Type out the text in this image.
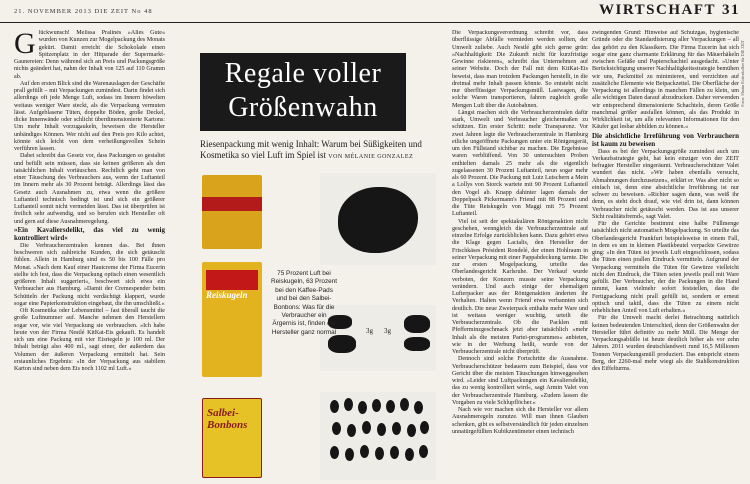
21. NOVEMBER 2013 DIE ZEIT No 48	WIRTSCHAFT 31

Glückwunsch! Melissa Pralinés »Alles Gute« wurden von Kunzen zur Mogelpackung des Monats gekürt. Damit erreicht die Schokolade einen Spitzenplatz in der Hitparade der Supermarkt-Gaunereien: Denn während sich an Preis und Packungsgröße nichts geändert hat, nahm der Inhalt von 125 auf 110 Gramm ab.

Auf den ersten Blick sind die Warenauslagen der Geschäfte prall gefüllt – mit Verpackungen zumindest. Darin findet sich allerdings oft jede Menge Luft, sodass im Innern höwelten weitaus weniger Ware steckt, als die Verpackung vermuten lässt. Aufgeblasene Tüten, doppelte Böden, große Deckel, dicke Innenwände oder schlicht überdimensionierte Kartons: Um mehr Inhalt vorzugaukeln, beweisen die Hersteller unbändiges Können. Wer nicht auf den Preis pro Kilo achtet, könnte sich leicht von dem verheißungsvollen Schein verführen lassen.

Dabei schreibt das Gesetz vor, dass Packungen so gestaltet und befüllt sein müssen, dass sie keinen größeren als den tatsächlichen Inhalt vortäuschen. Rechtlich geht man von einer Täuschung des Verbrauchers aus, wenn der Luftanteil im Innern mehr als 30 Prozent beträgt. Allerdings lässt das Gesetz auch Ausnahmen zu, etwa wenn die größere Luftanteil technisch bedingt ist und sich ein größerer Luftanteil somit nicht vermeiden lässt. Das ist überprüfen ist freilich sehr aufwendig, und so berufen sich Hersteller oft und gern auf diese Ausnahmeregelung.

»Ein Kavaliersdelikt, das viel zu wenig kontrolliert wird«

Die Verbraucherzentralen kennen das. Bei ihnen beschweren sich zahlreiche Kunden, die sich getäuscht fühlen. Allein in Hamburg sind es 50 bis 100 Fälle pro Monat. »Nach dem Kauf einer Hautcreme der Firma Eucerin stellte ich fest, dass die Verpackung optisch einen wesentlich größeren Inhalt suggeriert«, beschwert sich etwa ein Verbraucher aus Hamburg. »Damit der Cremespender beim Schütteln der Packung nicht verdächtigt klappert, wurde sogar eine Papierkonstruktion eingebaut, die ihn umschließt.«

Oft Kosmetika oder Lebensmittel – fast überall taucht die große Luftnummer auf. Manche nehmen den Herstellern sogar vor, wie viel Verpackung sie verbrauchen. »Ich habe heute von der Firma Nestlé KitKat-Eis gekauft. Es handelt sich um eine Packung mit vier Eisriegeln je 100 ml. Der Inhalt beträgt also 400 ml., sagt einer, der außerdem das Volumen der äußeren Verpackung ermittelt hat. Sein erstaunliches Ergebnis: »In der Verpackung aus stabilem Karton sind neben dem Eis noch 1102 ml Luft.«

Regale voller
Größenwahn
Riesenpackung mit wenig Inhalt: Warum bei Süßigkeiten und Kosmetika so viel Luft im Spiel ist VON MÉLANIE GONZALEZ
Reiskugeln
Salbei-Bonbons
3g 3g
75 Prozent Luft bei Reiskugeln, 63 Prozent bei den Kaffee-Pads und bei den Salbei-Bonbons: Was für die Verbraucher ein Ärgernis ist, finden die Hersteller ganz normal

Die Verpackungsverordnung schreibt vor, dass überflüssige Abfälle vermieden werden sollten, der Umwelt zuliebe. Auch Nestlé gibt sich gerne grün: »Nachhaltigkeit: Die Zukunft nicht für kurzfristige Gewinne riskieren«, schreibt das Unternehmen auf seiner Website. Doch der Fall mit dem KitKat-Eis beweist, dass man trotzdem Packungen herstellt, in die dreimal mehr Inhalt passen könnte. So entsteht nicht nur überflüssiger Verpackungsmüll. Lastwagen, die solche Waren transportieren, fahren zugleich große Mengen Luft über die Autobahnen.

Längst machen sich die Verbraucherzentralen dafür stark, Umwelt und Verbraucher gleichermaßen zu schützen. Ein erster Schritt: mehr Transparenz. Vor zwei Jahren legte die Verbraucherzentrale in Hamburg etliche ungeöffnete Packungen unter ein Röntgengerät, um den Füllstand sichtbar zu machen. Die Ergebnisse waren verblüffend. Von 30 untersuchten Proben enthielten damals 25 mehr als die eigentlich zugelassenen 30 Prozent Luftanteil, neun sogar mehr als 60 Prozent. Die Packung mit Lutz Lutschern a Mein a Lollys von Storck wartete mit 90 Prozent Luftanteil den Vogel ab. Knapp dahinter lagen damals der Doppelpack Pickermann's Friend mit 88 Prozent und die Tüte Reiskugeln von Maggi mit 75 Prozent Luftanteil.

Viel ist seit der spektakulären Röntgenaktion nicht geschehen, wenngleich die Verbraucherzentrale auf einzelne Erfolge zurückblicken kann. Dazu gehört etwa die Klage gegen Lactalis, den Hersteller der Frischkäses Président Rondelé, der einen Hohlraum in seiner Verpackung mit einer Pappabdeckung tarnte. Die zur ersten Mogelpackung, urteilte das Oberlandesgericht Karlsruhe. Der Verkauf wurde verboten, der Konzern musste seine Verpackung verändern. Und auch einige der ehemaligen Lufterpacker aus der Röntgenaktion änderten ihr Verhalten. Halten wenn Friend etwa verbannten sich deutlich. Die neue Zweierpack enthalte mehr Ware und ist weitaus weniger wuchtig, urteilt die Verbraucherzentrale. Ob die Packlen mit Pfefferminzgeschmack jetzt aber tatsächlich »mehr Inhalt als die meisten Partei-programmes« anbieten, wie in der Werbung heißt, wurde von der Verbraucherzentrale nicht überprüft.

Dennoch sind solche Fortschritte die Ausnahme. Verbraucherschützer bedauern zum Beispiel, dass vor Gericht über die meisten Täuschungen hinweggesehen wird. »Leider sind Luftpackungen ein Kavaliersdelikt, das zu wenig kontrolliert wird«, sagt Armin Valet von der Verbraucherzentrale Hamburg. »Zudem lassen die Vorgaben zu viele Schlupflöcher.«

Nach wie vor machen sich die Hersteller vor allem Ausnahmeregeln zunutze. Will man ihnen Glauben schenken, gibt es selbstverständlich für jeden einzelnen unnatürgefüllten Kubikzentimeter einen technisch

zwingenden Grund: Hinweise auf Schutzgas, hygienische Gründe oder die Standardisierung aller Verpackungen – all das gehört zu den Klassikern. Die Firma Eucerin hat sich sogar eine ganz charmante Erklärung für das Mäuerhäkeln zwischen Gefäße und Papierschachtel ausgedacht. »Unter Berücksichtigung unserer Nachhaltigkeitsstrategie bemühen wir uns, Packmittel zu minimieren, und verzichten auf zusätzliche Elemente wie Beipackzettel. Die Oberfläche der Verpackung ist allerdings in manchen Fällen zu klein, um alle wichtigen Daten darauf abzudrucken. Daher verwenden wir entsprechend dimensionierte Schachteln, deren Größe manchmal größer ausfallen können, als das Produkt in Wirklichkeit ist, um alle relevanten Informationen für den Käufer gut lesbar abbilden zu können.«

Die absichtliche Irreführung von Verbrauchern ist kaum zu beweisen

Dass es bei der Verpackungsgröße zumindest auch um Verkaufsstrategie geht, hat kein einziger von der ZEIT befragter Hersteller eingeräumt. Verbraucherschützer Valet wundert das nicht. »Wir haben ebenfalls versucht, Abmahnungen durchzusetzen«, erklärt er. Was aber nicht so einfach ist, denn eine absichtliche Irreführung ist nur schwer zu beweisen. »Richter sagen dann, was weiß ihr denn, es steht doch drauf, wie viel drin ist, dann können Verbraucher nicht getäuscht werden. Das ist aus unserer Sicht realitätsfremd«, sagt Valet.

Für die Gerichte bestimmt eine halbe Füllmenge tatsächlich nicht automatisch Mogelpackung. So urteilte das Oberlandesgericht Frankfurt beispielsweise in einem Fall, in dem es um in kleinen Plastikbeutel verpackte Gewürze ging: »In den Tüten ist jeweils Luft eingeschlossen, sodass die Tüten einen prallen Eindruck vermitteln. Aufgrund der Verpackung vermitteln die Tüten für Gewürze vielleicht nicht den Eindruck, die Tüten seien jeweils prall mit Ware gefüllt. Der Verbraucher, der die Packungen in die Hand nimmt, kann vielmehr sofort feststellen, dass die Fertigpackung nicht prall gefüllt ist, sondern er erneut optisch und taktil, dass die Tüten zu einem nicht erheblichen Anteil von Luft erhalten.«

Für die Umwelt macht derlei Betrachtung natürlich keinen bedeutenden Unterschied, denn der Größenwahn der Hersteller führt definitiv zu mehr Müll. Die Menge der Verpackungsabfälle ist heute deutlich höher als vor zehn Jahren. 2011 wurden deutschlandweit rund 16,5 Millionen Tonnen Verpackungsmüll produziert. Das entspricht einem Berg, der 2260-mal mehr wiegt als die Stahlkonstruktion des Eiffelturms.

Fotos: Martin Rottenkolber für DIE ZEIT
